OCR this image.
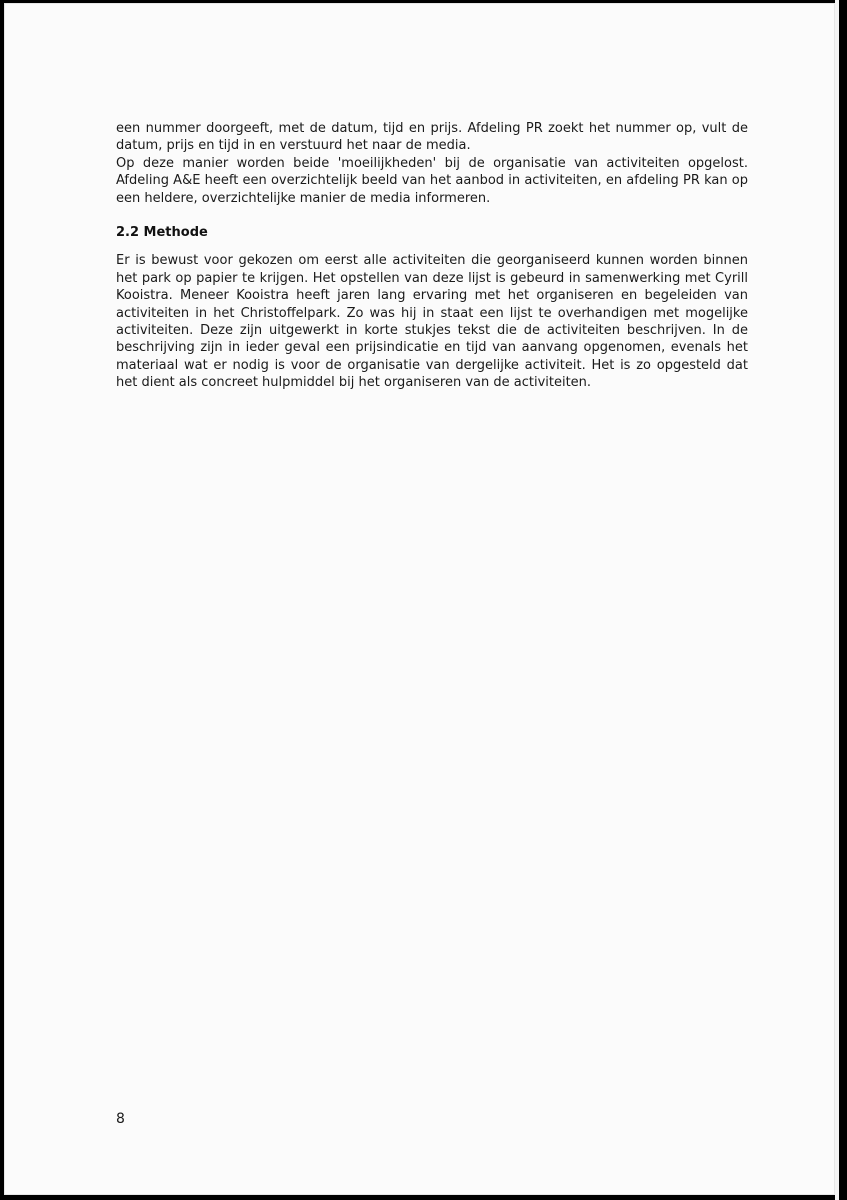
een nummer doorgeeft, met de datum, tijd en prijs. Afdeling PR zoekt het nummer op, vult de datum, prijs en tijd in en verstuurd het naar de media.

Op deze manier worden beide 'moeilijkheden' bij de organisatie van activiteiten opgelost. Afdeling A&E heeft een overzichtelijk beeld van het aanbod in activiteiten, en afdeling PR kan op een heldere, overzichtelijke manier de media informeren.

2.2 Methode

Er is bewust voor gekozen om eerst alle activiteiten die georganiseerd kunnen worden binnen het park op papier te krijgen. Het opstellen van deze lijst is gebeurd in samenwerking met Cyrill Kooistra. Meneer Kooistra heeft jaren lang ervaring met het organiseren en begeleiden van activiteiten in het Christoffelpark. Zo was hij in staat een lijst te overhandigen met mogelijke activiteiten. Deze zijn uitgewerkt in korte stukjes tekst die de activiteiten beschrijven. In de beschrijving zijn in ieder geval een prijsindicatie en tijd van aanvang opgenomen, evenals het materiaal wat er nodig is voor de organisatie van dergelijke activiteit. Het is zo opgesteld dat het dient als concreet hulpmiddel bij het organiseren van de activiteiten.

8
